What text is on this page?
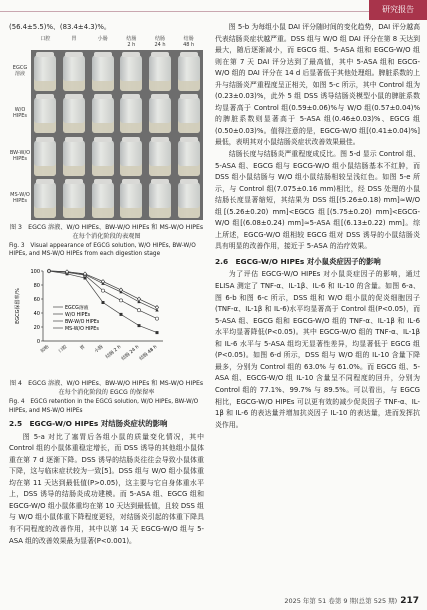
研究报告

(56.4±5.5)%、(83.4±4.3)%。

口腔	胃	小肠	结肠
2 h
结肠
24 h
结肠
48 h
EGCG
溶液
W/O
HIPEs
BW-W/O
HIPEs
MS-W/O
HIPEs
图 3　EGCG 溶液、W/O HIPEs、BW-W/O HIPEs 和 MS-W/O HIPEs 在每个消化阶段的表观图
Fig. 3　Visual appearance of EGCG solution, W/O HIPEs, BW-W/O HIPEs, and MS-W/O HIPEs from each digestion stage
0
20
40
60
80
100
EGCG保留率/%
初始 口腔 胃 小肠 结肠 2 h
结肠 24 h
结肠 48 h
EGCG溶液
W/O HIPEs
BW-W/O HIPEs
MS-W/O HIPEs
图 4　EGCG 溶液、W/O HIPEs、BW-W/O HIPEs 和 MS-W/O HIPEs 在每个消化阶段的 EGCG 的保留率
Fig. 4　EGCG retention in the EGCG solution, W/O HIPEs, BW-W/O HIPEs, and MS-W/O HIPEs
2.5　EGCG-W/O HIPEs 对结肠炎症状的影响

图 5-a 对比了塞胃后各组小鼠的质量变化情况，其中 Control 组的小鼠体重稳定增长，而 DSS 诱导的其他组小鼠体重在第 7 d 逐渐下降。DSS 诱导的结肠炎往往会导致小鼠体重下降，这与临床症状较为一致[5]。DSS 组与 W/O 组小鼠体重均在第 11 天达到最低值(P>0.05)，这主要与它自身体重水平上，DSS 诱导的结肠炎成功建模。而 5-ASA 组、EGCG 组和 EGCG-W/O 组小鼠体重均在第 10 天达到最低值，且较 DSS 组与 W/O 组小鼠体重下降程度更轻，对结肠炎引起的体重下降具有不同程度的改善作用，其中以第 14 天 EGCG-W/O 组与 5-ASA 组的改善效果最为显著(P<0.001)。

图 5-b 为每组小鼠 DAI 评分随时间的变化趋势，DAI 评分越高代表结肠炎症状越严重。DSS 组与 W/O 组 DAI 评分在第 8 天达到最大，随后逐渐减小，而 EGCG 组、5-ASA 组和 EGCG-W/O 组则在第 7 天 DAI 评分达到了最高值，其中 5-ASA 组和 EGCG-W/O 组的 DAI 评分在 14 d 后显著低于其他处理组。脾脏系数的上升与结肠炎严重程度呈正相关，如图 5-c 所示，其中 Control 组为(0.23±0.03)%，此外 5 组 DSS 诱导结肠炎模型小鼠的脾脏系数均显著高于 Control 组(0.59±0.06)%与 W/O 组(0.57±0.04)%的脾脏系数则显著高于 5-ASA 组(0.46±0.03)%、EGCG 组(0.50±0.03)%。值得注意的是，EGCG-W/O 组[(0.41±0.04)%]最低，表明其对小鼠结肠炎症状改善效果最佳。

结肠长度与结肠炎严重程度成反比。图 5-d 显示 Control 组、5-ASA 组、EGCG 组与 EGCG-W/O 组小鼠结肠基本不红肿，而 DSS 组小鼠结肠与 W/O 组小鼠结肠相较呈浅红色。如图 5-e 所示，与 Control 组(7.075±0.16 mm)相比，经 DSS 处理的小鼠结肠长度显著缩短，其结果为 DSS 组[(5.26±0.18) mm]≈W/O 组[(5.26±0.20) mm]<EGCG 组[(5.75±0.20) mm]<EGCG-W/O 组[(6.08±0.24) mm]≈5-ASA 组[(6.13±0.22) mm]。综上所述，EGCG-W/O 组相较 EGCG 组对 DSS 诱导的小鼠结肠炎具有明显的改善作用，接近于 5-ASA 的治疗效果。

2.6　EGCG-W/O HIPEs 对小鼠炎症因子的影响

为了评估 EGCG-W/O HIPEs 对小鼠炎症因子的影响，通过 ELISA 测定了 TNF-α、IL-1β、IL-6 和 IL-10 的含量。如图 6-a、图 6-b 和图 6-c 所示，DSS 组和 W/O 组小鼠的促炎细胞因子(TNF-α、IL-1β 和 IL-6)水平均显著高于 Control 组(P<0.05)，而 5-ASA 组、EGCG 组和 EGCG-W/O 组的 TNF-α、IL-1β 和 IL-6 水平均显著降低(P<0.05)。其中 EGCG-W/O 组的 TNF-α、IL-1β 和 IL-6 水平与 5-ASA 组均无显著性差异，均显著低于 EGCG 组(P<0.05)。如图 6-d 所示，DSS 组与 W/O 组的 IL-10 含量下降最多，分别为 Control 组的 63.0% 与 61.0%。而 EGCG 组、5-ASA 组、EGCG-W/O 组 IL-10 含量呈不同程度的回升，分别为 Control 组的 77.1%、99.7% 与 89.5%。可以看出，与 EGCG 相比，EGCG-W/O HIPEs 可以更有效的减少促炎因子 TNF-α、IL-1β 和 IL-6 的表达量并增加抗炎因子 IL-10 的表达量，进而发挥抗炎作用。

2025 年第 51 卷第 9 期(总第 525 期) 217
